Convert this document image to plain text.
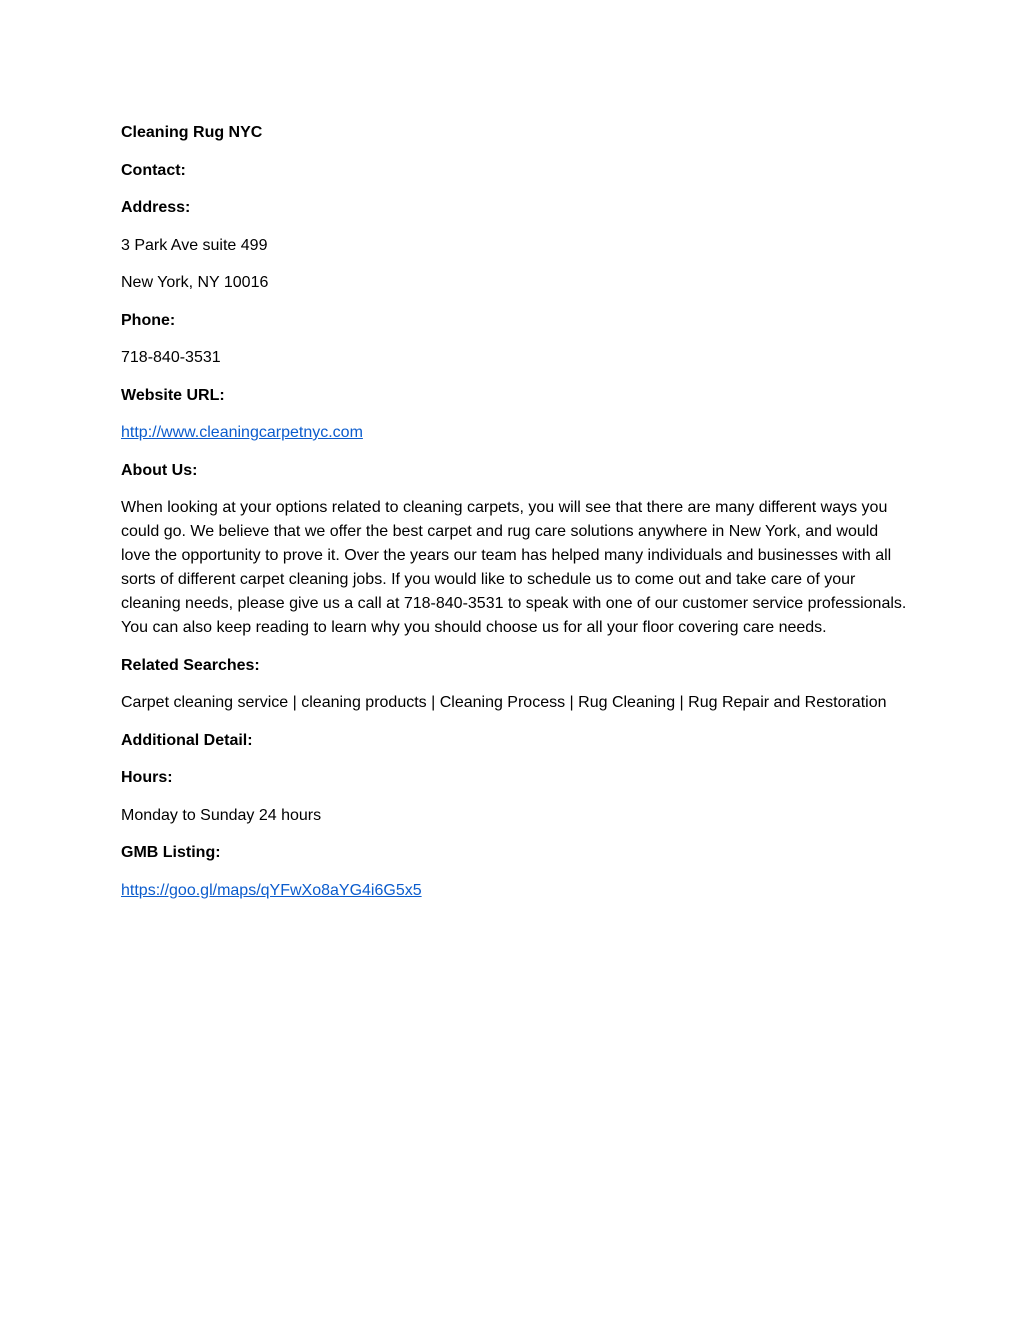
Cleaning Rug NYC
Contact:
Address:
3 Park Ave suite 499
New York, NY 10016
Phone:
718-840-3531
Website URL:
http://www.cleaningcarpetnyc.com
About Us:

When looking at your options related to cleaning carpets, you will see that there are many different ways you could go. We believe that we offer the best carpet and rug care solutions anywhere in New York, and would love the opportunity to prove it. Over the years our team has helped many individuals and businesses with all sorts of different carpet cleaning jobs. If you would like to schedule us to come out and take care of your cleaning needs, please give us a call at 718-840-3531 to speak with one of our customer service professionals. You can also keep reading to learn why you should choose us for all your floor covering care needs.

Related Searches:

Carpet cleaning service | cleaning products | Cleaning Process | Rug Cleaning | Rug Repair and Restoration

Additional Detail:
Hours:
Monday to Sunday 24 hours
GMB Listing:
https://goo.gl/maps/qYFwXo8aYG4i6G5x5
